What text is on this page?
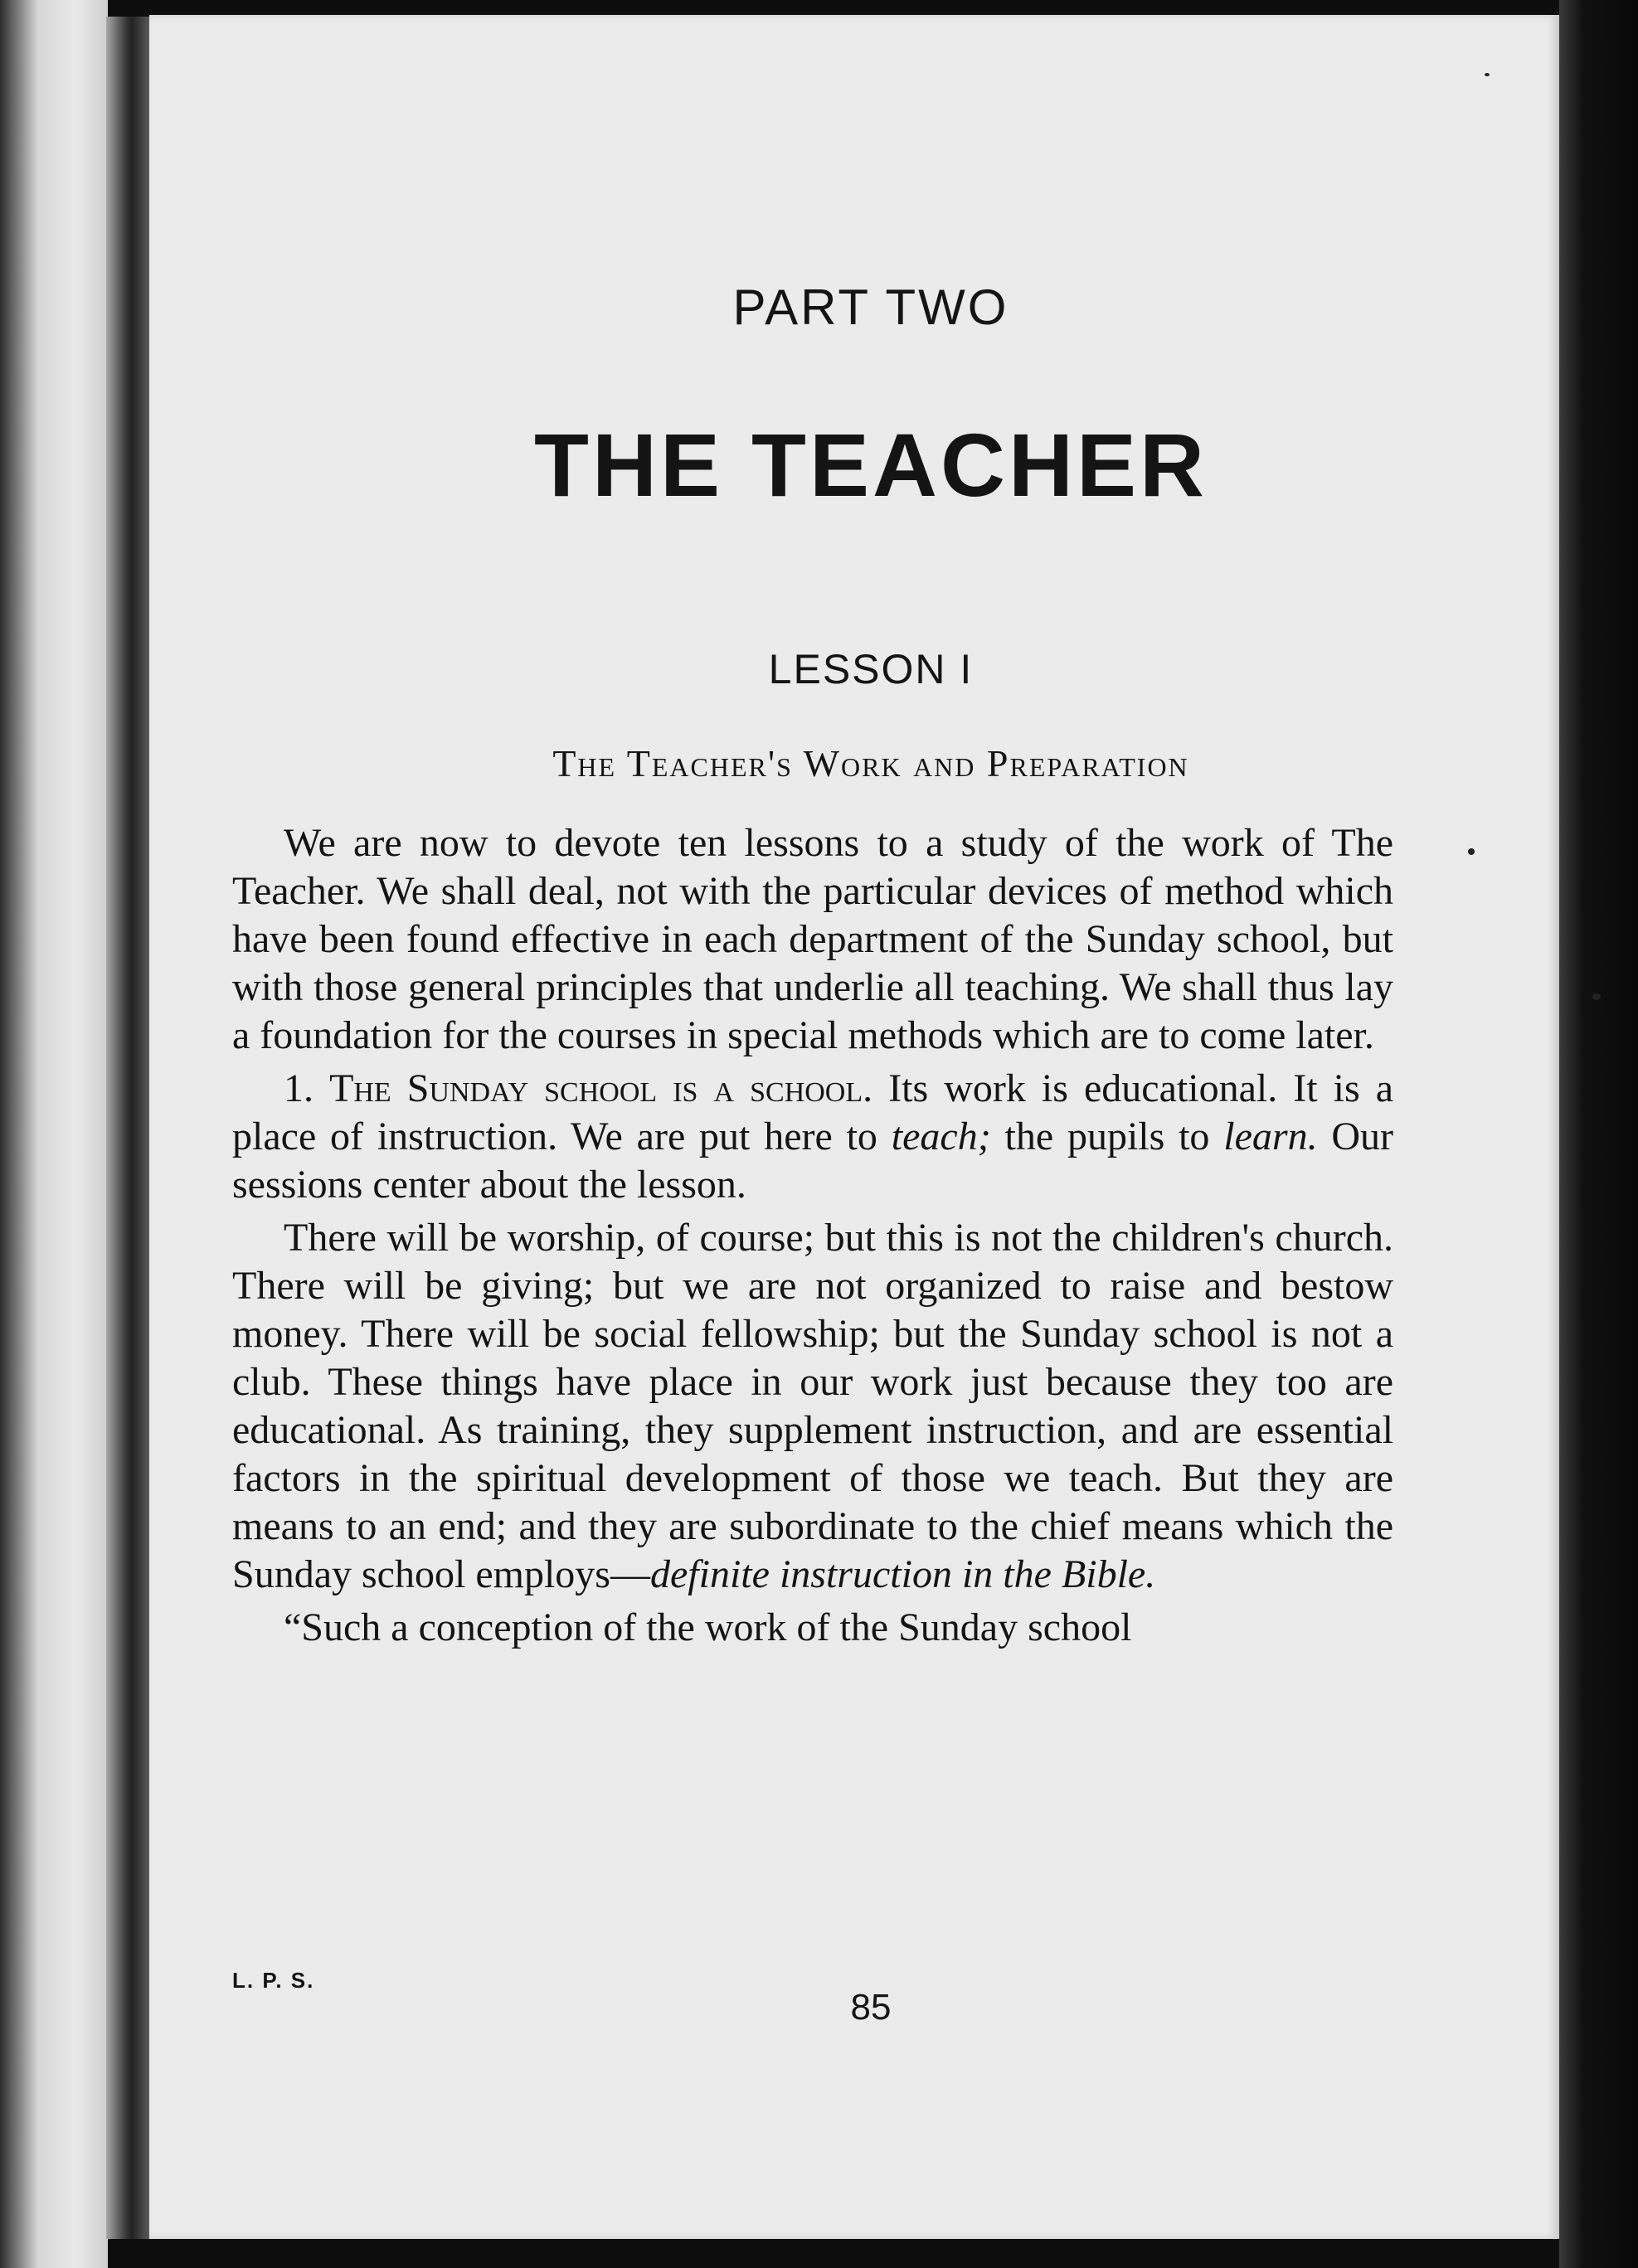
PART TWO
THE TEACHER
LESSON I
The Teacher's Work and Preparation

We are now to devote ten lessons to a study of the work of The Teacher. We shall deal, not with the particular devices of method which have been found effective in each department of the Sunday school, but with those general principles that underlie all teaching. We shall thus lay a foundation for the courses in special methods which are to come later.

1. The Sunday school is a school. Its work is educational. It is a place of instruction. We are put here to teach; the pupils to learn. Our sessions center about the lesson.

There will be worship, of course; but this is not the children's church. There will be giving; but we are not organized to raise and bestow money. There will be social fellowship; but the Sunday school is not a club. These things have place in our work just because they too are educational. As training, they supplement instruction, and are essential factors in the spiritual development of those we teach. But they are means to an end; and they are subordinate to the chief means which the Sunday school employs—definite instruction in the Bible.

“Such a conception of the work of the Sunday school

L. P. S.
85
